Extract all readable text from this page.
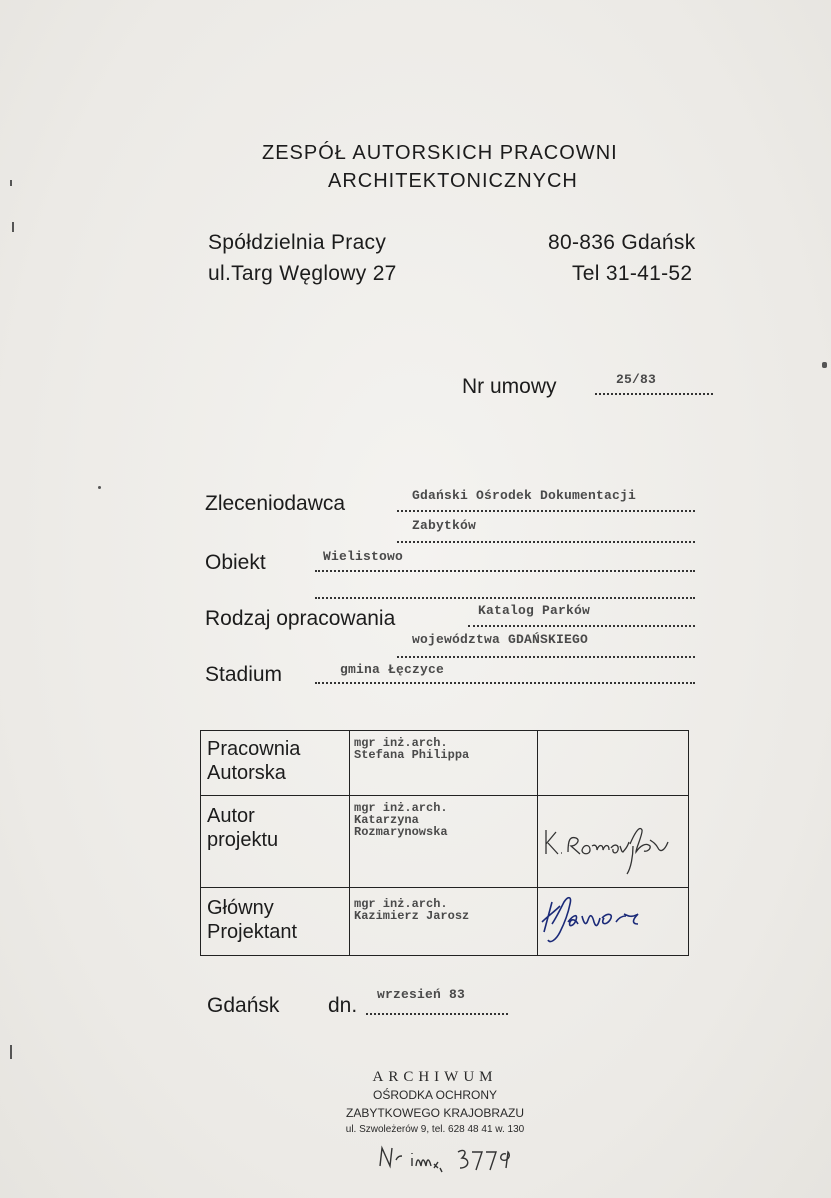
ZESPÓŁ AUTORSKICH PRACOWNI
ARCHITEKTONICZNYCH
Spółdzielnia Pracy
ul.Targ Węglowy 27
80-836 Gdańsk
Tel 31-41-52
Nr umowy	25/83
Zleceniodawca	Gdański Ośrodek Dokumentacji
Zabytków
Obiekt	Wielistowo
Rodzaj opracowania	Katalog Parków
województwa GDAŃSKIEGO
Stadium	gmina Łęczyce
Pracownia
Autorska	mgr inż.arch.
Stefana Philippa	

Autor
projektu	mgr inż.arch.
Katarzyna
Rozmarynowska

Główny
Projektant	mgr inż.arch.
Kazimierz Jarosz

Gdańsk dn. wrzesień 83
ARCHIWUM
OŚRODKA OCHRONY
ZABYTKOWEGO KRAJOBRAZU
ul. Szwoleżerów 9, tel. 628 48 41 w. 130
Nr inw. 3779
